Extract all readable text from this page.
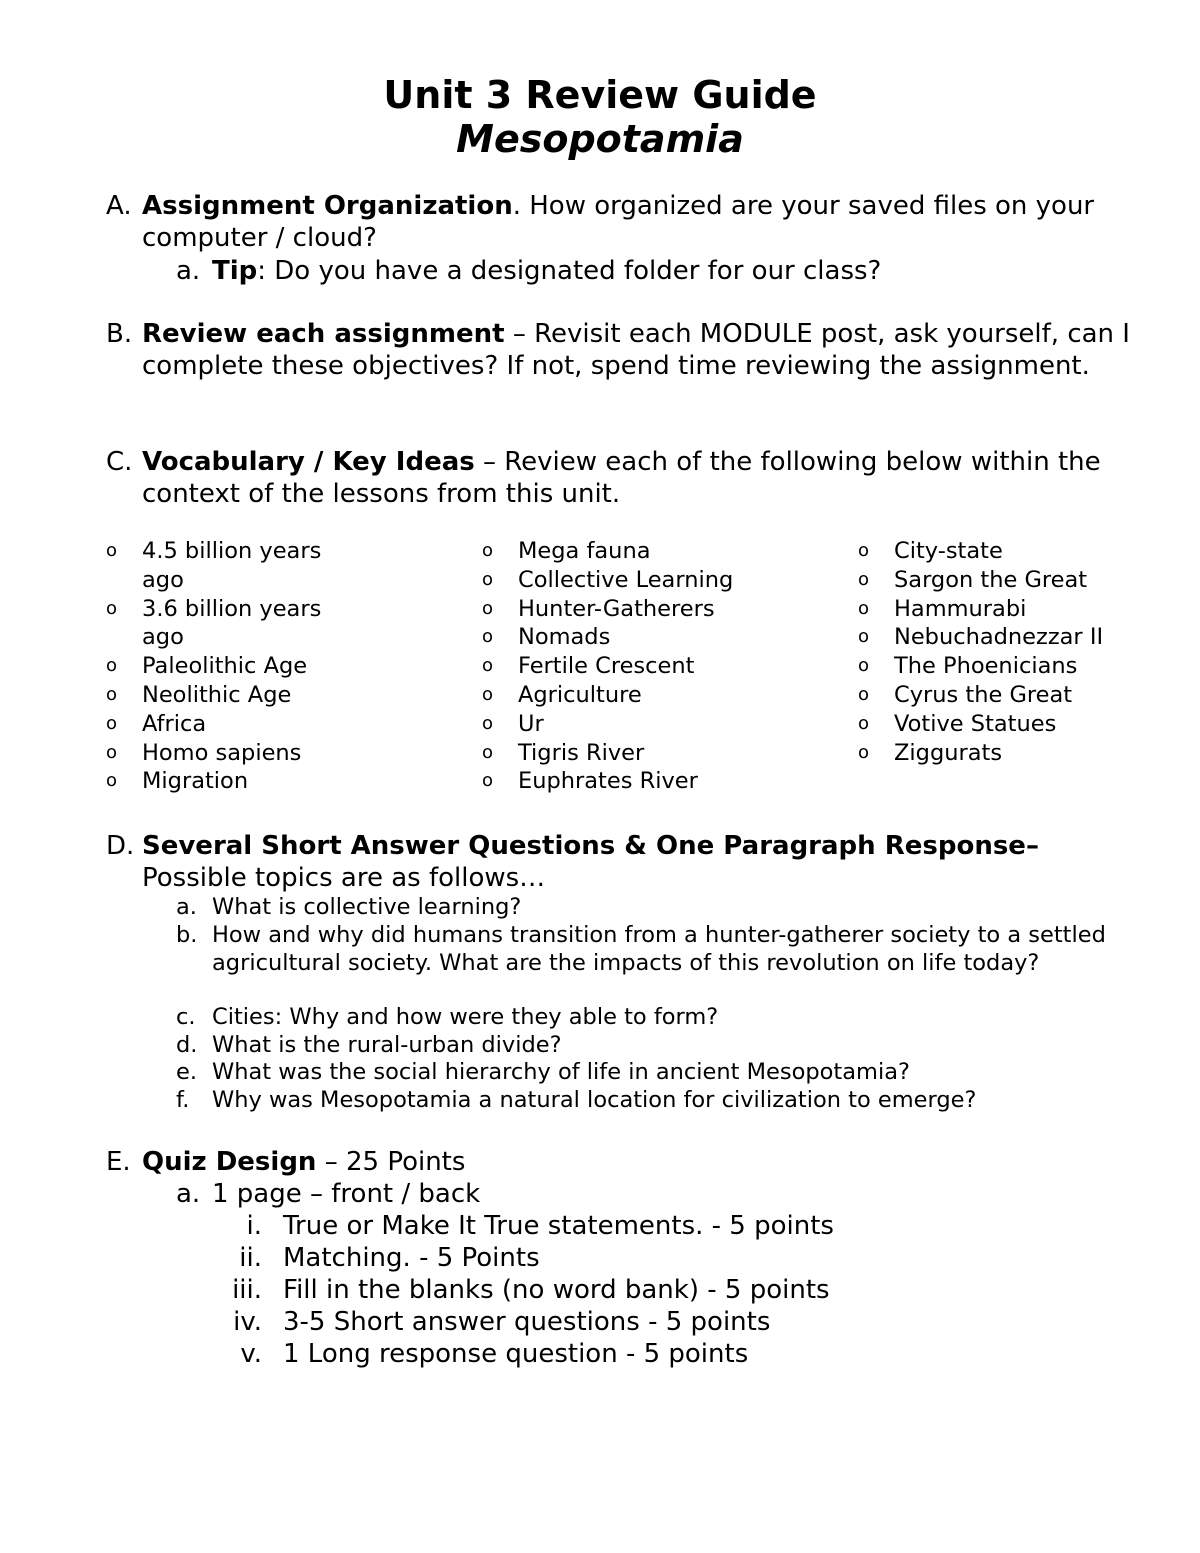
Unit 3 Review Guide
Mesopotamia
A. Assignment Organization. How organized are your saved files on your computer / cloud?
a. Tip: Do you have a designated folder for our class?
B. Review each assignment – Revisit each MODULE post, ask yourself, can I complete these objectives? If not, spend time reviewing the assignment.
C. Vocabulary / Key Ideas – Review each of the following below within the context of the lessons from this unit.
o 4.5 billion years ago
o 3.6 billion years ago
o Paleolithic Age
o Neolithic Age
o Africa
o Homo sapiens
o Migration
o Mega fauna
o Collective Learning
o Hunter-Gatherers
o Nomads
o Fertile Crescent
o Agriculture
o Ur
o Tigris River
o Euphrates River
o City-state
o Sargon the Great
o Hammurabi
o Nebuchadnezzar II
o The Phoenicians
o Cyrus the Great
o Votive Statues
o Ziggurats
D. Several Short Answer Questions & One Paragraph Response–
Possible topics are as follows…
a. What is collective learning?
b. How and why did humans transition from a hunter-gatherer society to a settled agricultural society. What are the impacts of this revolution on life today?
c. Cities: Why and how were they able to form?
d. What is the rural-urban divide?
e. What was the social hierarchy of life in ancient Mesopotamia?
f. Why was Mesopotamia a natural location for civilization to emerge?
E. Quiz Design – 25 Points
a. 1 page – front / back
i. True or Make It True statements. - 5 points
ii. Matching. - 5 Points
iii. Fill in the blanks (no word bank) - 5 points
iv. 3-5 Short answer questions - 5 points
v. 1 Long response question - 5 points
